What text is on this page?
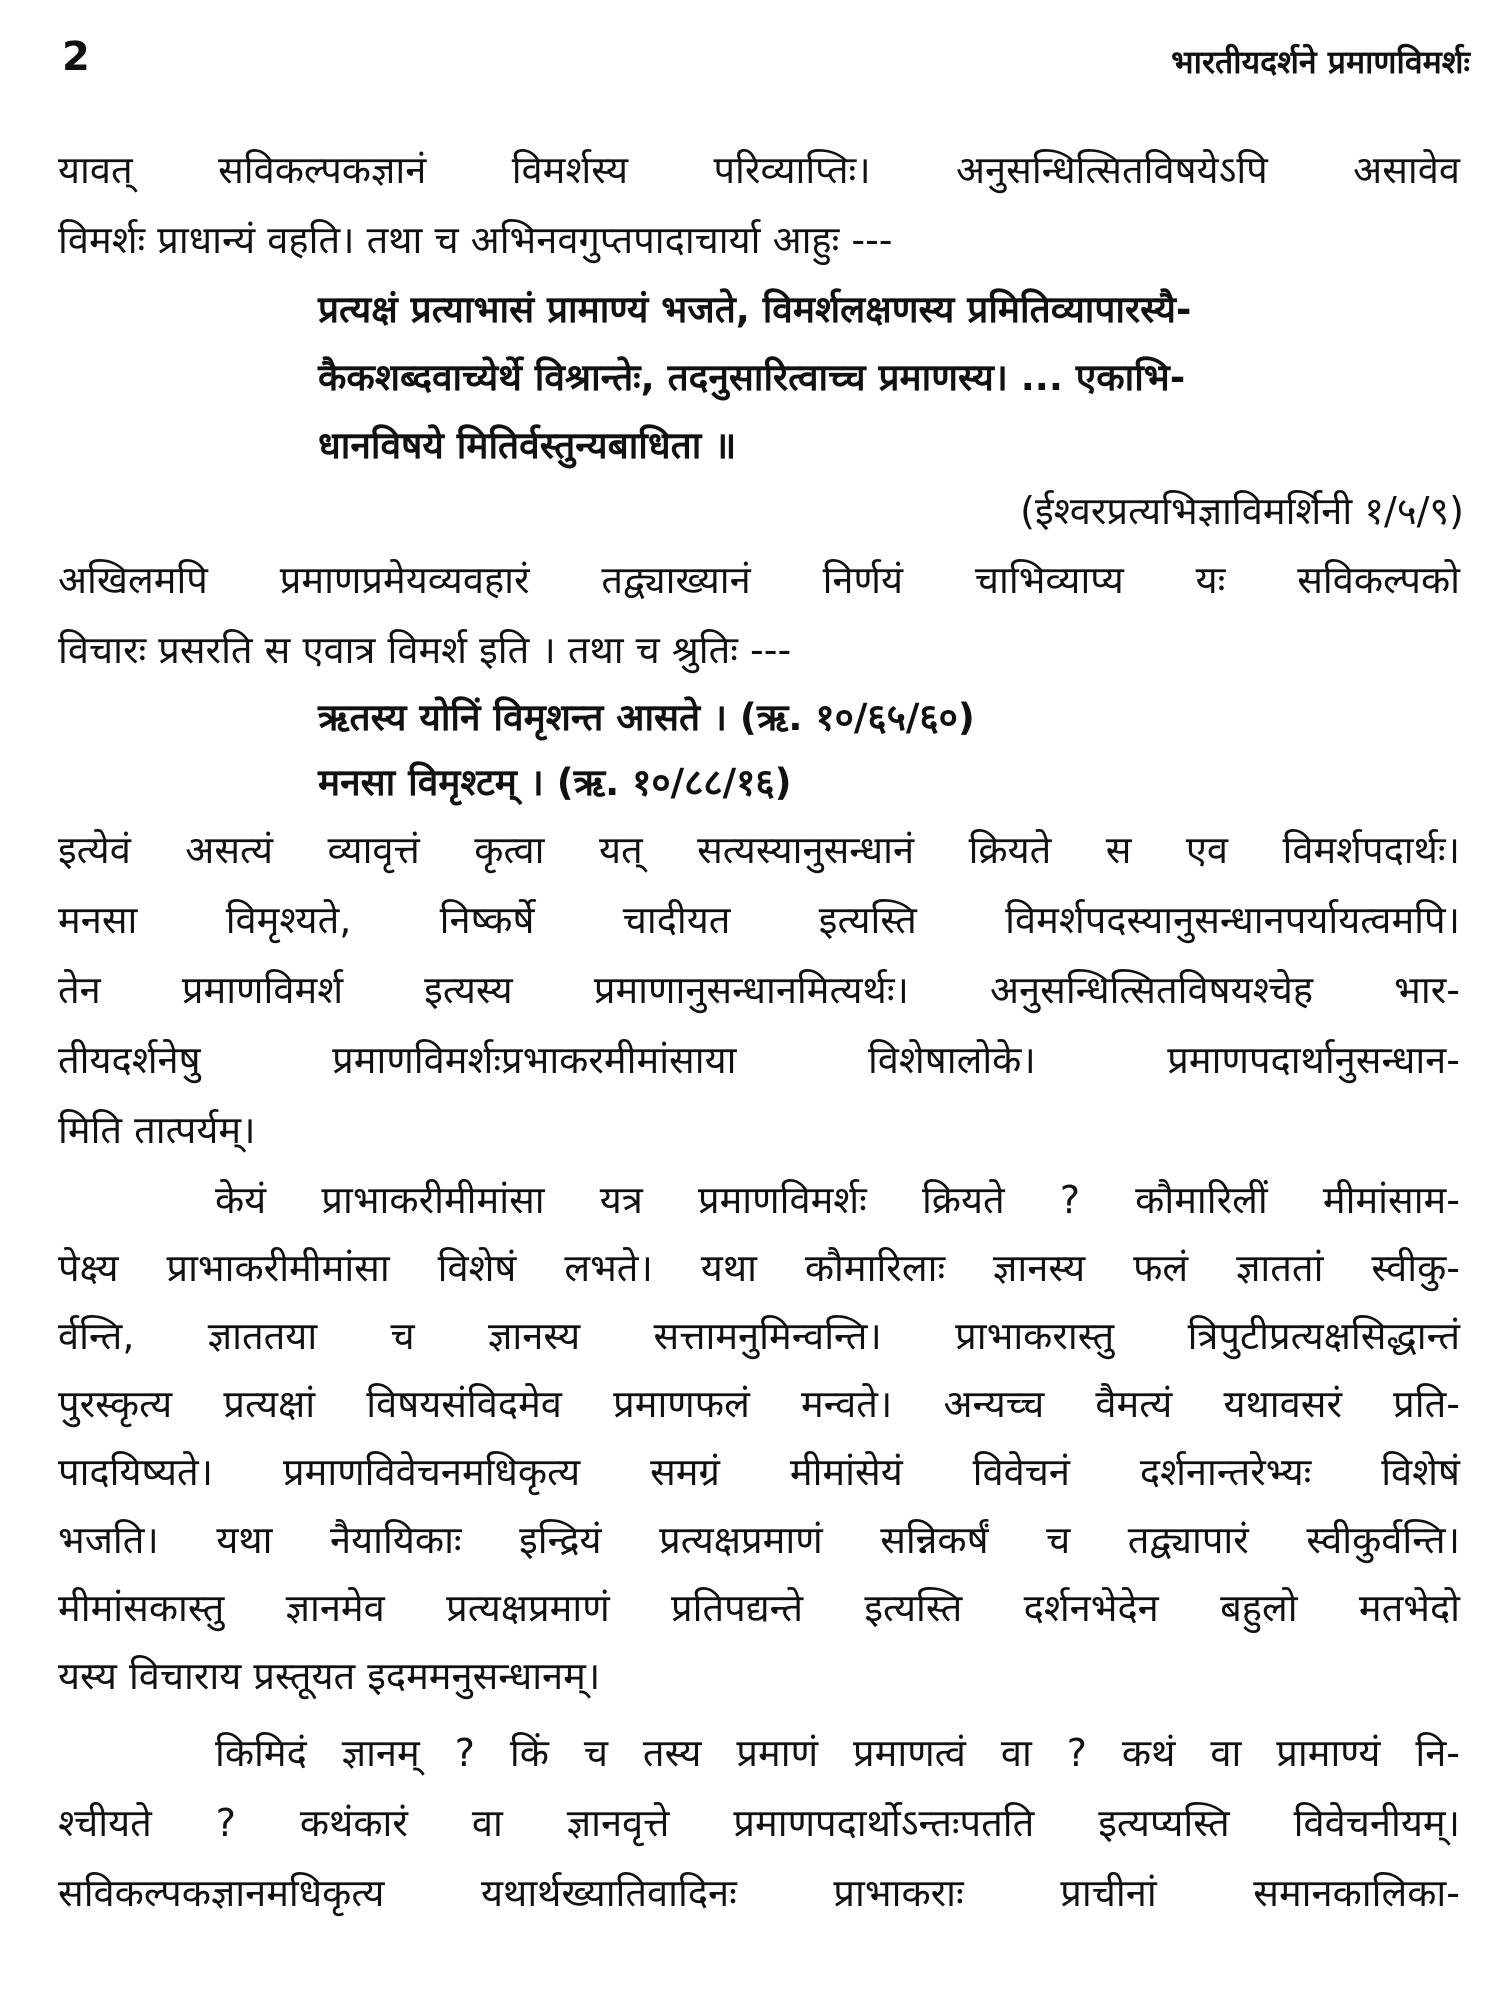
2	भारतीयदर्शने प्रमाणविमर्शः
यावत् सविकल्पकज्ञानं विमर्शस्य परिव्याप्तिः। अनुसन्धित्सितविषयेऽपि असावेव
विमर्शः प्राधान्यं वहति। तथा च अभिनवगुप्तपादाचार्या आहुः ---
प्रत्यक्षं प्रत्याभासं प्रामाण्यं भजते, विमर्शलक्षणस्य प्रमितिव्यापारस्यै-
कैकशब्दवाच्येर्थे विश्रान्तेः, तदनुसारित्वाच्च प्रमाणस्य। ... एकाभि-
धानविषये मितिर्वस्तुन्यबाधिता ॥
(ईश्वरप्रत्यभिज्ञाविमर्शिनी १/५/९)
अखिलमपि प्रमाणप्रमेयव्यवहारं तद्व्याख्यानं निर्णयं चाभिव्याप्य यः सविकल्पको
विचारः प्रसरति स एवात्र विमर्श इति । तथा च श्रुतिः ---
ऋतस्य योनिं विमृशन्त आसते । (ऋ. १०/६५/६०)
मनसा विमृश्टम् । (ऋ. १०/८८/१६)
इत्येवं असत्यं व्यावृत्तं कृत्वा यत् सत्यस्यानुसन्धानं क्रियते स एव विमर्शपदार्थः।
मनसा विमृश्यते, निष्कर्षे चादीयत इत्यस्ति विमर्शपदस्यानुसन्धानपर्यायत्वमपि।
तेन प्रमाणविमर्श इत्यस्य प्रमाणानुसन्धानमित्यर्थः। अनुसन्धित्सितविषयश्चेह भार-
तीयदर्शनेषु प्रमाणविमर्शःप्रभाकरमीमांसाया विशेषालोके। प्रमाणपदार्थानुसन्धान-
मिति तात्पर्यम्।
केयं प्राभाकरीमीमांसा यत्र प्रमाणविमर्शः क्रियते ? कौमारिलीं मीमांसाम-
पेक्ष्य प्राभाकरीमीमांसा विशेषं लभते। यथा कौमारिलाः ज्ञानस्य फलं ज्ञाततां स्वीकु-
र्वन्ति, ज्ञाततया च ज्ञानस्य सत्तामनुमिन्वन्ति। प्राभाकरास्तु त्रिपुटीप्रत्यक्षसिद्धान्तं
पुरस्कृत्य प्रत्यक्षां विषयसंविदमेव प्रमाणफलं मन्वते। अन्यच्च वैमत्यं यथावसरं प्रति-
पादयिष्यते। प्रमाणविवेचनमधिकृत्य समग्रं मीमांसेयं विवेचनं दर्शनान्तरेभ्यः विशेषं
भजति। यथा नैयायिकाः इन्द्रियं प्रत्यक्षप्रमाणं सन्निकर्षं च तद्व्यापारं स्वीकुर्वन्ति।
मीमांसकास्तु ज्ञानमेव प्रत्यक्षप्रमाणं प्रतिपद्यन्ते इत्यस्ति दर्शनभेदेन बहुलो मतभेदो
यस्य विचाराय प्रस्तूयत इदममनुसन्धानम्।
किमिदं ज्ञानम् ? किं च तस्य प्रमाणं प्रमाणत्वं वा ? कथं वा प्रामाण्यं नि-
श्चीयते ? कथंकारं वा ज्ञानवृत्ते प्रमाणपदार्थोऽन्तःपतति इत्यप्यस्ति विवेचनीयम्।
सविकल्पकज्ञानमधिकृत्य यथार्थख्यातिवादिनः प्राभाकराः प्राचीनां समानकालिका-
